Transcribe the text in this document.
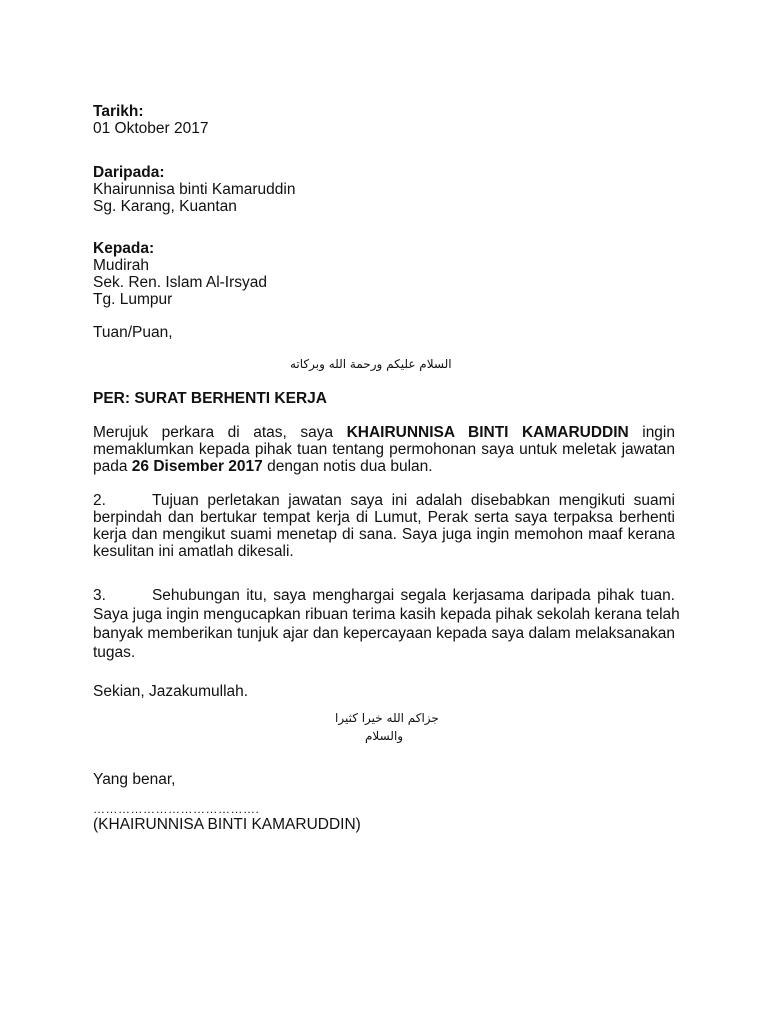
Tarikh:
01 Oktober 2017
Daripada:
Khairunnisa binti Kamaruddin
Sg. Karang, Kuantan
Kepada:
Mudirah
Sek. Ren. Islam Al-Irsyad
Tg. Lumpur
Tuan/Puan,
السلام عليكم ورحمة الله وبركاته
PER: SURAT BERHENTI KERJA
Merujuk perkara di atas, saya KHAIRUNNISA BINTI KAMARUDDIN ingin
memaklumkan kepada pihak tuan tentang permohonan saya untuk meletak jawatan
pada 26 Disember 2017 dengan notis dua bulan.
2.	Tujuan perletakan jawatan saya ini adalah disebabkan mengikuti suami
berpindah dan bertukar tempat kerja di Lumut, Perak serta saya terpaksa berhenti
kerja dan mengikut suami menetap di sana. Saya juga ingin memohon maaf kerana
kesulitan ini amatlah dikesali.
3.	Sehubungan itu, saya menghargai segala kerjasama daripada pihak tuan.
Saya juga ingin mengucapkan ribuan terima kasih kepada pihak sekolah kerana telah
banyak memberikan tunjuk ajar dan kepercayaan kepada saya dalam melaksanakan
tugas.
Sekian, Jazakumullah.
جزاكم الله خيرا كثيرا
والسلام
Yang benar,
………………………………….
(KHAIRUNNISA BINTI KAMARUDDIN)
